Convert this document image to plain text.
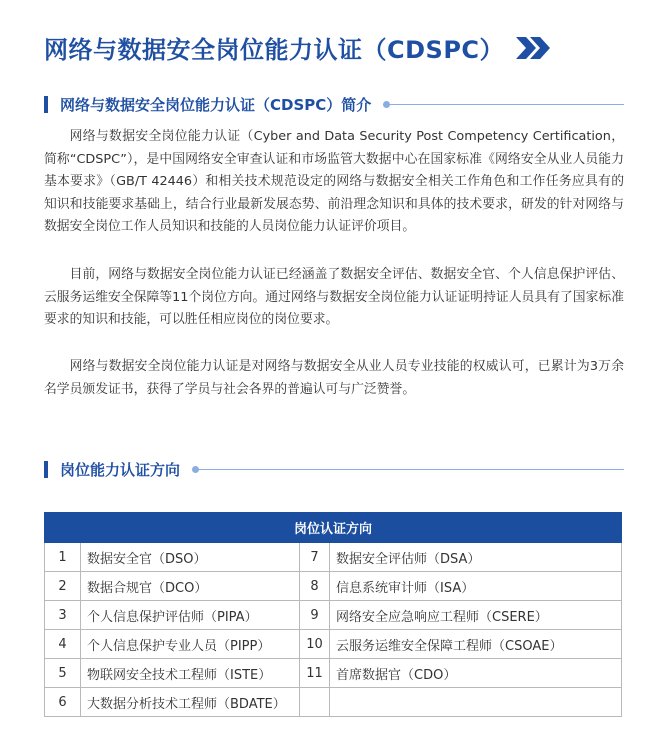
网络与数据安全岗位能力认证（CDSPC）
网络与数据安全岗位能力认证（CDSPC）简介

网络与数据安全岗位能力认证（Cyber and Data Security Post Competency Certification，简称“CDSPC”），是中国网络安全审查认证和市场监管大数据中心在国家标准《网络安全从业人员能力基本要求》（GB/T 42446）和相关技术规范设定的网络与数据安全相关工作角色和工作任务应具有的知识和技能要求基础上，结合行业最新发展态势、前沿理念知识和具体的技术要求，研发的针对网络与数据安全岗位工作人员知识和技能的人员岗位能力认证评价项目。

目前，网络与数据安全岗位能力认证已经涵盖了数据安全评估、数据安全官、个人信息保护评估、云服务运维安全保障等11个岗位方向。通过网络与数据安全岗位能力认证证明持证人员具有了国家标准要求的知识和技能，可以胜任相应岗位的岗位要求。

网络与数据安全岗位能力认证是对网络与数据安全从业人员专业技能的权威认可，已累计为3万余名学员颁发证书，获得了学员与社会各界的普遍认可与广泛赞誉。

岗位能力认证方向
岗位认证方向			
1	数据安全官（DSO）	7	数据安全评估师（DSA）
2	数据合规官（DCO）	8	信息系统审计师（ISA）
3	个人信息保护评估师（PIPA）	9	网络安全应急响应工程师（CSERE）
4	个人信息保护专业人员（PIPP）	10	云服务运维安全保障工程师（CSOAE）
5	物联网安全技术工程师（ISTE）	11	首席数据官（CDO）
6	大数据分析技术工程师（BDATE）		
